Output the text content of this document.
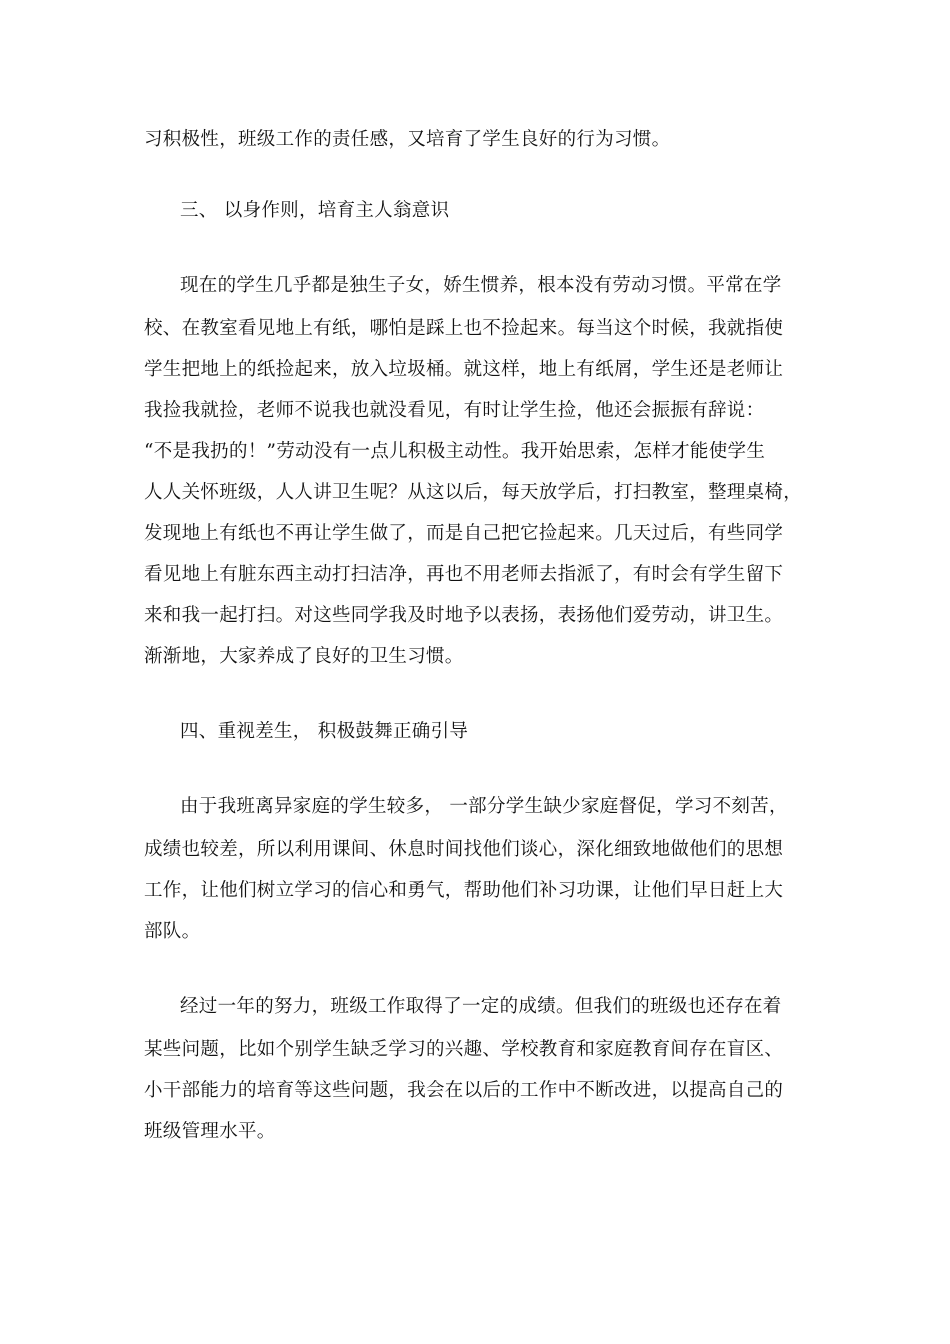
习积极性，班级工作的责任感，又培育了学生良好的行为习惯。
三、 以身作则，培育主人翁意识
现在的学生几乎都是独生子女，娇生惯养，根本没有劳动习惯。平常在学
校、在教室看见地上有纸，哪怕是踩上也不捡起来。每当这个时候，我就指使
学生把地上的纸捡起来，放入垃圾桶。就这样，地上有纸屑，学生还是老师让
我捡我就捡，老师不说我也就没看见，有时让学生捡，他还会振振有辞说：
“不是我扔的！”劳动没有一点儿积极主动性。我开始思索，怎样才能使学生
人人关怀班级，人人讲卫生呢？从这以后，每天放学后，打扫教室，整理桌椅，
发现地上有纸也不再让学生做了，而是自己把它捡起来。几天过后，有些同学
看见地上有脏东西主动打扫洁净，再也不用老师去指派了，有时会有学生留下
来和我一起打扫。对这些同学我及时地予以表扬，表扬他们爱劳动，讲卫生。
渐渐地，大家养成了良好的卫生习惯。
四、重视差生， 积极鼓舞正确引导
由于我班离异家庭的学生较多， 一部分学生缺少家庭督促，学习不刻苦，
成绩也较差，所以利用课间、休息时间找他们谈心，深化细致地做他们的思想
工作，让他们树立学习的信心和勇气，帮助他们补习功课，让他们早日赶上大
部队。
经过一年的努力，班级工作取得了一定的成绩。但我们的班级也还存在着
某些问题，比如个别学生缺乏学习的兴趣、学校教育和家庭教育间存在盲区、
小干部能力的培育等这些问题，我会在以后的工作中不断改进，以提高自己的
班级管理水平。
